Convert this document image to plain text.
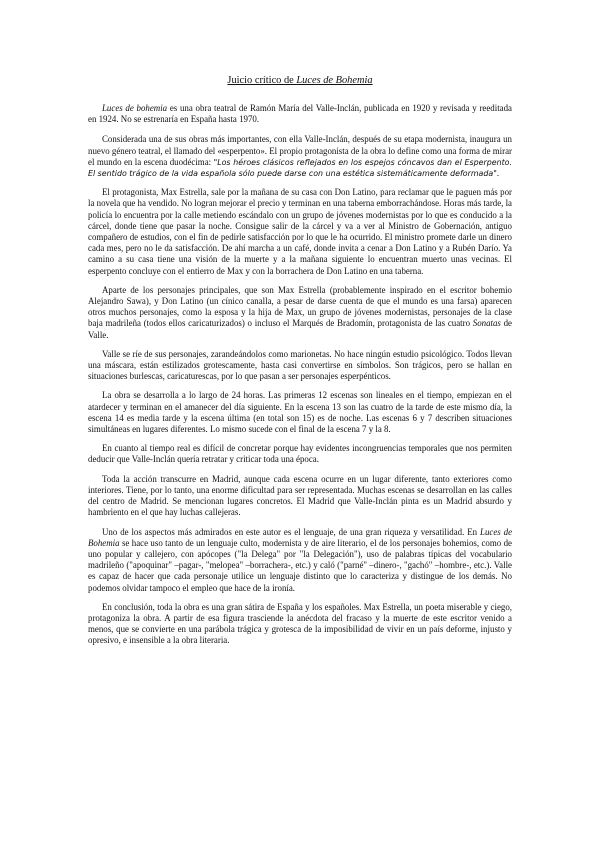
Juicio crítico de Luces de Bohemia

Luces de bohemia es una obra teatral de Ramón María del Valle-Inclán, publicada en 1920 y revisada y reeditada en 1924. No se estrenaría en España hasta 1970.

Considerada una de sus obras más importantes, con ella Valle-Inclán, después de su etapa modernista, inaugura un nuevo género teatral, el llamado del «esperpento». El propio protagonista de la obra lo define como una forma de mirar el mundo en la escena duodécima: "Los héroes clásicos reflejados en los espejos cóncavos dan el Esperpento. El sentido trágico de la vida española sólo puede darse con una estética sistemáticamente deformada".

El protagonista, Max Estrella, sale por la mañana de su casa con Don Latino, para reclamar que le paguen más por la novela que ha vendido. No logran mejorar el precio y terminan en una taberna emborrachándose. Horas más tarde, la policía lo encuentra por la calle metiendo escándalo con un grupo de jóvenes modernistas por lo que es conducido a la cárcel, donde tiene que pasar la noche. Consigue salir de la cárcel y va a ver al Ministro de Gobernación, antiguo compañero de estudios, con el fin de pedirle satisfacción por lo que le ha ocurrido. El ministro promete darle un dinero cada mes, pero no le da satisfacción. De ahí marcha a un café, donde invita a cenar a Don Latino y a Rubén Darío. Ya camino a su casa tiene una visión de la muerte y a la mañana siguiente lo encuentran muerto unas vecinas. El esperpento concluye con el entierro de Max y con la borrachera de Don Latino en una taberna.

Aparte de los personajes principales, que son Max Estrella (probablemente inspirado en el escritor bohemio Alejandro Sawa), y Don Latino (un cínico canalla, a pesar de darse cuenta de que el mundo es una farsa) aparecen otros muchos personajes, como la esposa y la hija de Max, un grupo de jóvenes modernistas, personajes de la clase baja madrileña (todos ellos caricaturizados) o incluso el Marqués de Bradomín, protagonista de las cuatro Sonatas de Valle.

Valle se ríe de sus personajes, zarandeándolos como marionetas. No hace ningún estudio psicológico. Todos llevan una máscara, están estilizados grotescamente, hasta casi convertirse en símbolos. Son trágicos, pero se hallan en situaciones burlescas, caricaturescas, por lo que pasan a ser personajes esperpénticos.

La obra se desarrolla a lo largo de 24 horas. Las primeras 12 escenas son lineales en el tiempo, empiezan en el atardecer y terminan en el amanecer del día siguiente. En la escena 13 son las cuatro de la tarde de este mismo día, la escena 14 es media tarde y la escena última (en total son 15) es de noche. Las escenas 6 y 7 describen situaciones simultáneas en lugares diferentes. Lo mismo sucede con el final de la escena 7 y la 8.

En cuanto al tiempo real es difícil de concretar porque hay evidentes incongruencias temporales que nos permiten deducir que Valle-Inclán quería retratar y criticar toda una época.

Toda la acción transcurre en Madrid, aunque cada escena ocurre en un lugar diferente, tanto exteriores como interiores. Tiene, por lo tanto, una enorme dificultad para ser representada. Muchas escenas se desarrollan en las calles del centro de Madrid. Se mencionan lugares concretos. El Madrid que Valle-Inclán pinta es un Madrid absurdo y hambriento en el que hay luchas callejeras.

Uno de los aspectos más admirados en este autor es el lenguaje, de una gran riqueza y versatilidad. En Luces de Bohemia se hace uso tanto de un lenguaje culto, modernista y de aire literario, el de los personajes bohemios, como de uno popular y callejero, con apócopes ("la Delega" por "la Delegación"), uso de palabras típicas del vocabulario madrileño ("apoquinar" –pagar-, "melopea" –borrachera-, etc.) y caló ("parné" –dinero-, "gachó" –hombre-, etc.). Valle es capaz de hacer que cada personaje utilice un lenguaje distinto que lo caracteriza y distingue de los demás. No podemos olvidar tampoco el empleo que hace de la ironía.

En conclusión, toda la obra es una gran sátira de España y los españoles. Max Estrella, un poeta miserable y ciego, protagoniza la obra. A partir de esa figura trasciende la anécdota del fracaso y la muerte de este escritor venido a menos, que se convierte en una parábola trágica y grotesca de la imposibilidad de vivir en un país deforme, injusto y opresivo, e insensible a la obra literaria.
